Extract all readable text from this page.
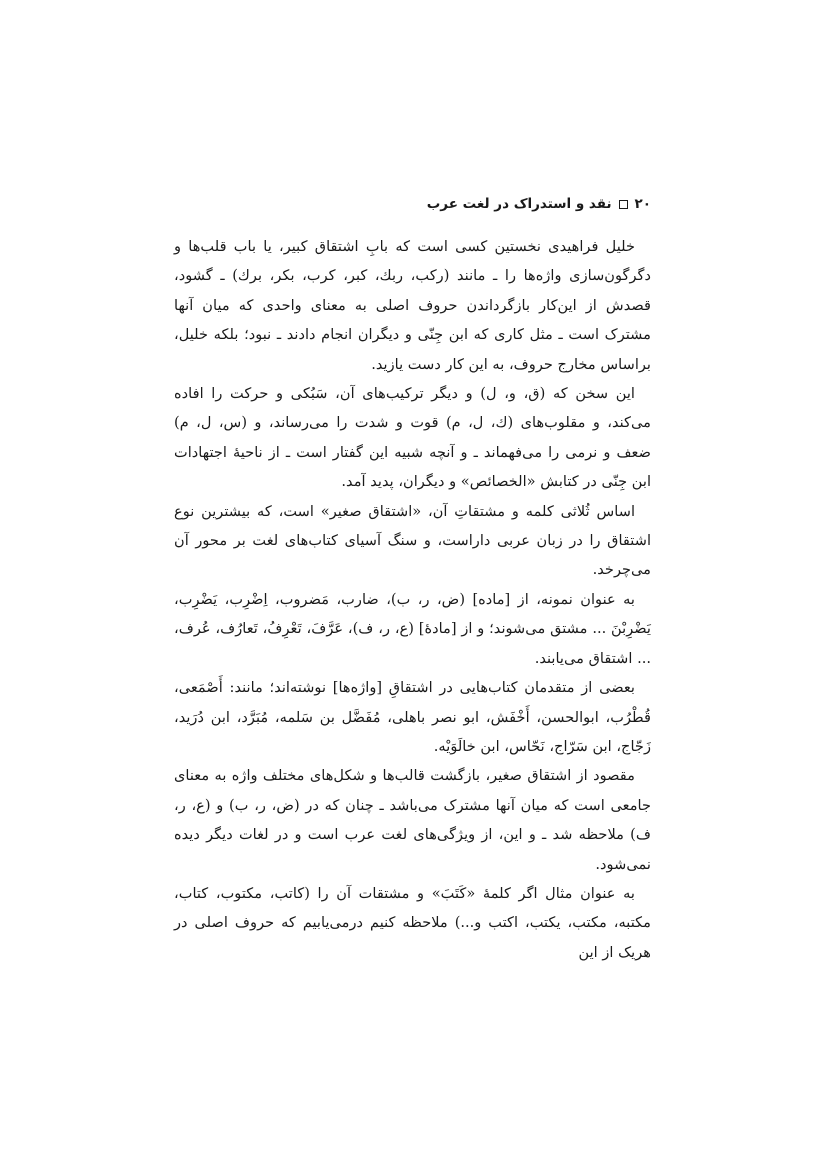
۲۰
نقد و استدراک در لغت عرب

خلیل فراهیدی نخستین کسی است که بابِ اشتقاق کبیر، یا باب قلب‌ها و دگرگون‌سازی واژه‌ها را ـ مانند (رکب، ربك، کبر، کرب، بکر، برك) ـ گشود، قصدش از این‌کار بازگرداندن حروف اصلی به معنای واحدی که میان آنها مشترک است ـ مثل کاری که ابن جِنّی و دیگران انجام دادند ـ نبود؛ بلکه خلیل، براساس مخارج حروف، به این کار دست یازید.

این سخن که (ق، و، ل) و دیگر ترکیب‌های آن، سَبُکی و حرکت را افاده می‌کند، و مقلوب‌های (ك، ل، م) قوت و شدت را می‌رساند، و (س، ل، م) ضعف و نرمی را می‌فهماند ـ و آنچه شبیه این گفتار است ـ از ناحیهٔ اجتهادات ابن جِنّی در کتابش «الخصائص» و دیگران، پدید آمد.

اساس ثُلاثی کلمه و مشتقاتِ آن، «اشتقاق صغیر» است، که بیشترین نوع اشتقاق را در زبان عربی داراست، و سنگ آسیای کتاب‌های لغت بر محور آن می‌چرخد.

به عنوان نمونه، از [ماده] (ض، ر، ب)، ضارب، مَضروب، اِضْرِب، یَضْرِب، یَضْرِبْنَ ... مشتق می‌شوند؛ و از [مادهٔ] (ع، ر، ف)، عَرَّفَ، تَعْرِفُ، تَعارُف، عُرف، ... اشتقاق می‌یابند.

بعضی از متقدمان کتاب‌هایی در اشتقاقِ [واژه‌ها] نوشته‌اند؛ مانند: أَصْمَعی، قُطْرُب، ابوالحسن، أَخْفَش، ابو نصر باهلی، مُفَضَّل بن سَلمه، مُبَرَّد، ابن دُرَید، زَجّاج، ابن سَرّاج، نَحّاس، ابن خالَوَیْه.

مقصود از اشتقاق صغیر، بازگشت قالب‌ها و شکل‌های مختلف واژه به معنای جامعی است که میان آنها مشترک می‌باشد ـ چنان که در (ض، ر، ب) و (ع، ر، ف) ملاحظه شد ـ و این، از ویژگی‌های لغت عرب است و در لغات دیگر دیده نمی‌شود.

به عنوان مثال اگر کلمهٔ «کَتَبَ» و مشتقات آن را (کاتب، مکتوب، کتاب، مکتبه، مکتب، یکتب، اکتب و...) ملاحظه کنیم درمی‌یابیم که حروف اصلی در هریک از این
